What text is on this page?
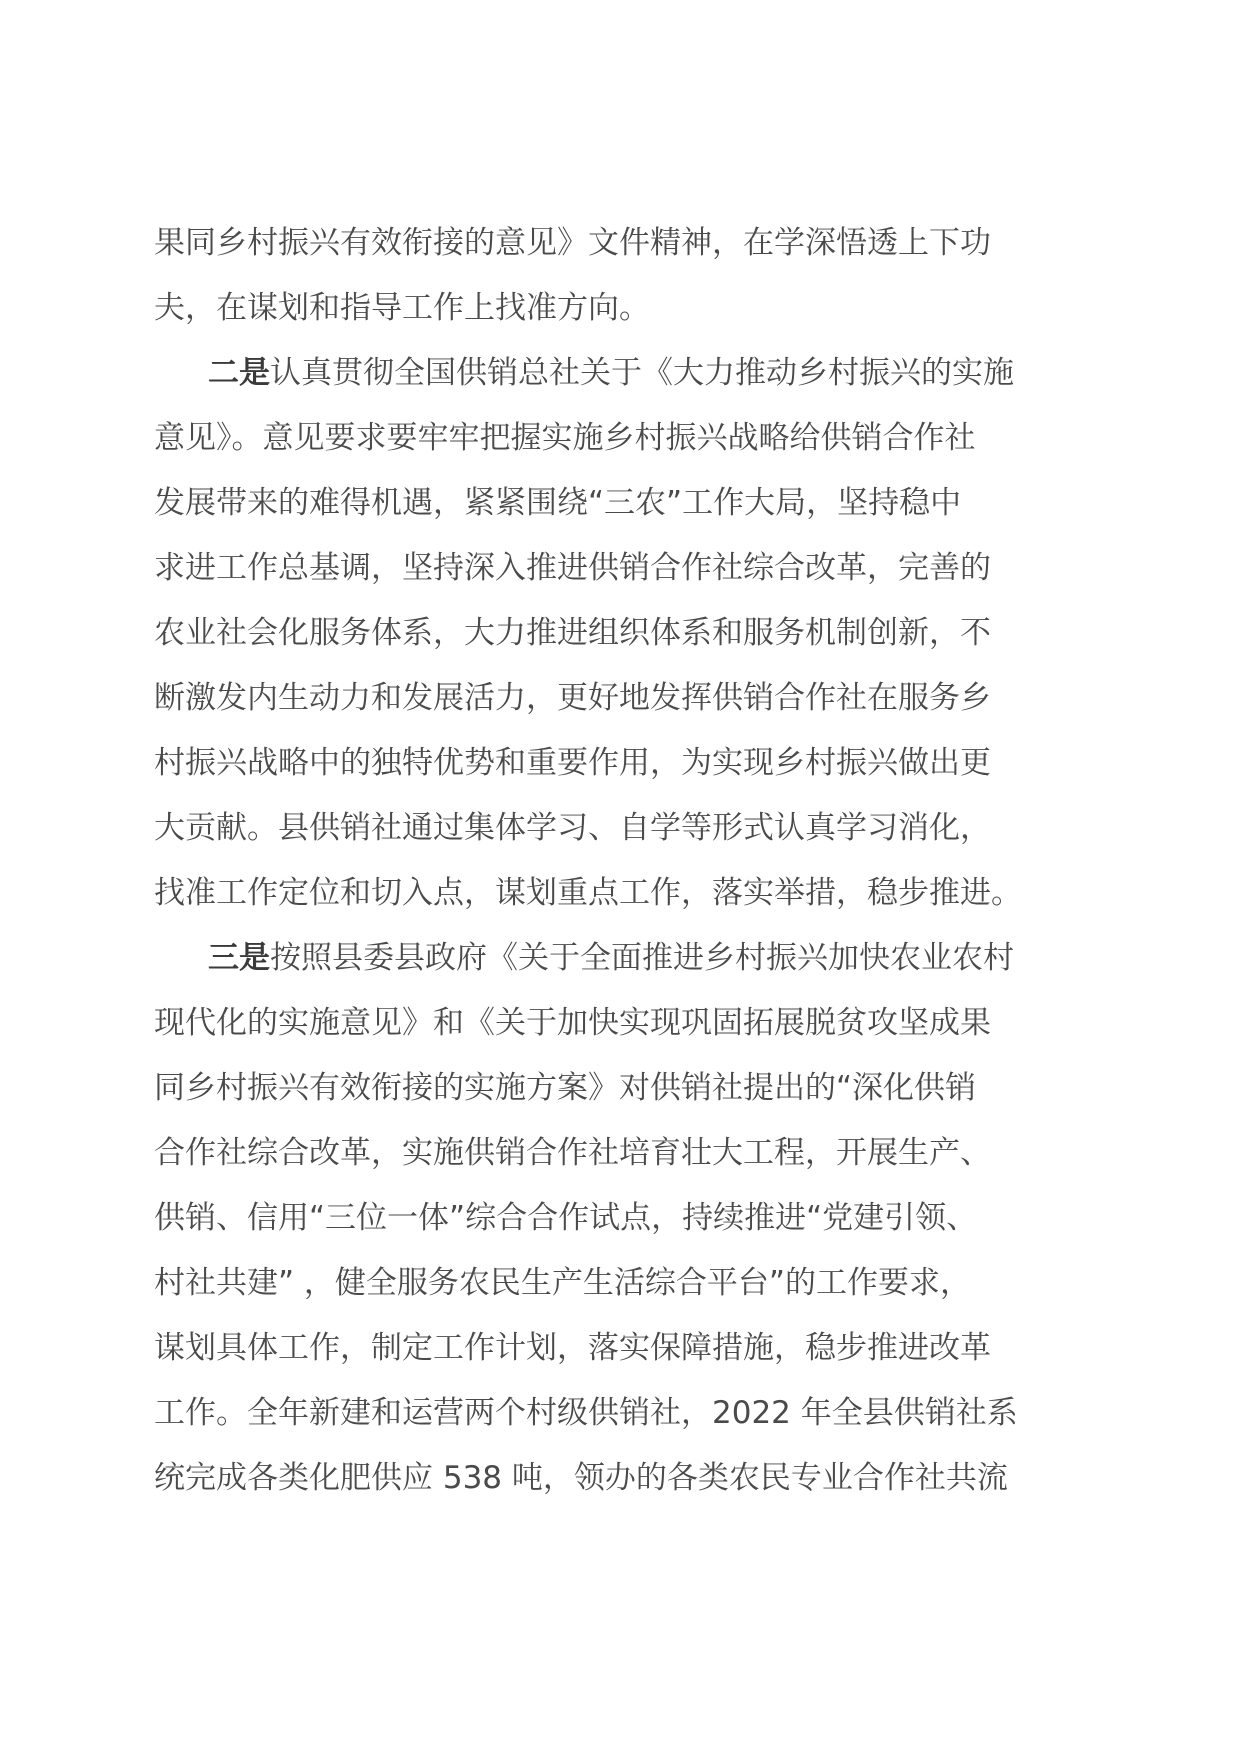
果同乡村振兴有效衔接的意见》文件精神，在学深悟透上下功
夫，在谋划和指导工作上找准方向。
二是认真贯彻全国供销总社关于《大力推动乡村振兴的实施
意见》。意见要求要牢牢把握实施乡村振兴战略给供销合作社
发展带来的难得机遇，紧紧围绕“三农”工作大局，坚持稳中
求进工作总基调，坚持深入推进供销合作社综合改革，完善的
农业社会化服务体系，大力推进组织体系和服务机制创新，不
断激发内生动力和发展活力，更好地发挥供销合作社在服务乡
村振兴战略中的独特优势和重要作用，为实现乡村振兴做出更
大贡献。县供销社通过集体学习、自学等形式认真学习消化，
找准工作定位和切入点，谋划重点工作，落实举措，稳步推进。
三是按照县委县政府《关于全面推进乡村振兴加快农业农村
现代化的实施意见》和《关于加快实现巩固拓展脱贫攻坚成果
同乡村振兴有效衔接的实施方案》对供销社提出的“深化供销
合作社综合改革，实施供销合作社培育壮大工程，开展生产、
供销、信用“三位一体”综合合作试点，持续推进“党建引领、
村社共建” ，健全服务农民生产生活综合平台”的工作要求，
谋划具体工作，制定工作计划，落实保障措施，稳步推进改革
工作。全年新建和运营两个村级供销社，2022 年全县供销社系
统完成各类化肥供应 538 吨，领办的各类农民专业合作社共流
